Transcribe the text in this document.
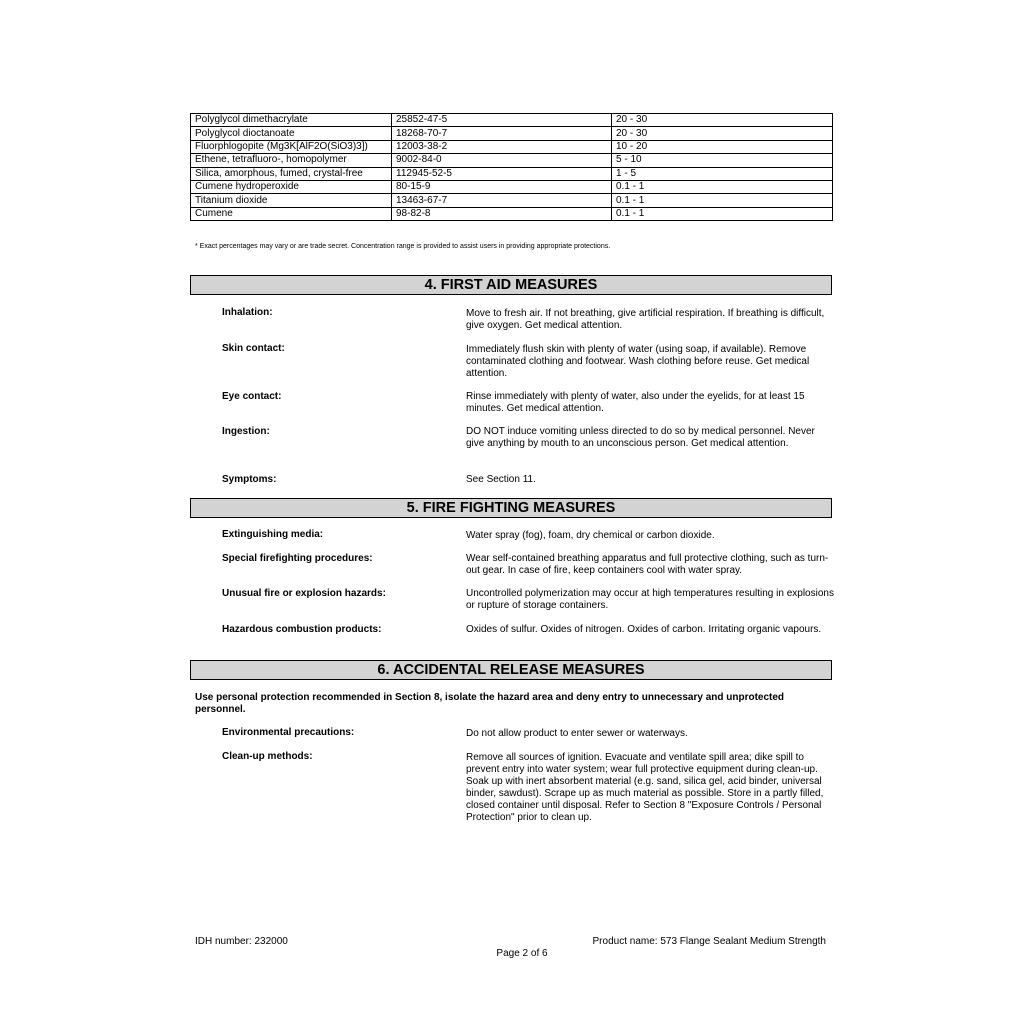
Polyglycol dimethacrylate	25852-47-5	20 - 30
Polyglycol dioctanoate	18268-70-7	20 - 30
Fluorphlogopite (Mg3K[AlF2O(SiO3)3])	12003-38-2	10 - 20
Ethene, tetrafluoro-, homopolymer	9002-84-0	5 - 10
Silica, amorphous, fumed, crystal-free	112945-52-5	1 - 5
Cumene hydroperoxide	80-15-9	0.1 - 1
Titanium dioxide	13463-67-7	0.1 - 1
Cumene	98-82-8	0.1 - 1
* Exact percentages may vary or are trade secret. Concentration range is provided to assist users in providing appropriate protections.
4. FIRST AID MEASURES
Inhalation:	Move to fresh air. If not breathing, give artificial respiration. If breathing is difficult, give oxygen. Get medical attention.
Skin contact:	Immediately flush skin with plenty of water (using soap, if available). Remove contaminated clothing and footwear. Wash clothing before reuse. Get medical attention.
Eye contact:	Rinse immediately with plenty of water, also under the eyelids, for at least 15 minutes. Get medical attention.
Ingestion:	DO NOT induce vomiting unless directed to do so by medical personnel. Never give anything by mouth to an unconscious person. Get medical attention.
Symptoms:	See Section 11.
5. FIRE FIGHTING MEASURES
Extinguishing media:	Water spray (fog), foam, dry chemical or carbon dioxide.
Special firefighting procedures:	Wear self-contained breathing apparatus and full protective clothing, such as turn-out gear. In case of fire, keep containers cool with water spray.
Unusual fire or explosion hazards:	Uncontrolled polymerization may occur at high temperatures resulting in explosions or rupture of storage containers.
Hazardous combustion products:	Oxides of sulfur. Oxides of nitrogen. Oxides of carbon. Irritating organic vapours.
6. ACCIDENTAL RELEASE MEASURES
Use personal protection recommended in Section 8, isolate the hazard area and deny entry to unnecessary and unprotected personnel.
Environmental precautions:	Do not allow product to enter sewer or waterways.
Clean-up methods:	Remove all sources of ignition. Evacuate and ventilate spill area; dike spill to prevent entry into water system; wear full protective equipment during clean-up. Soak up with inert absorbent material (e.g. sand, silica gel, acid binder, universal binder, sawdust). Scrape up as much material as possible. Store in a partly filled, closed container until disposal. Refer to Section 8 "Exposure Controls / Personal Protection" prior to clean up.
IDH number: 232000	Product name: 573 Flange Sealant Medium Strength
Page 2 of 6
